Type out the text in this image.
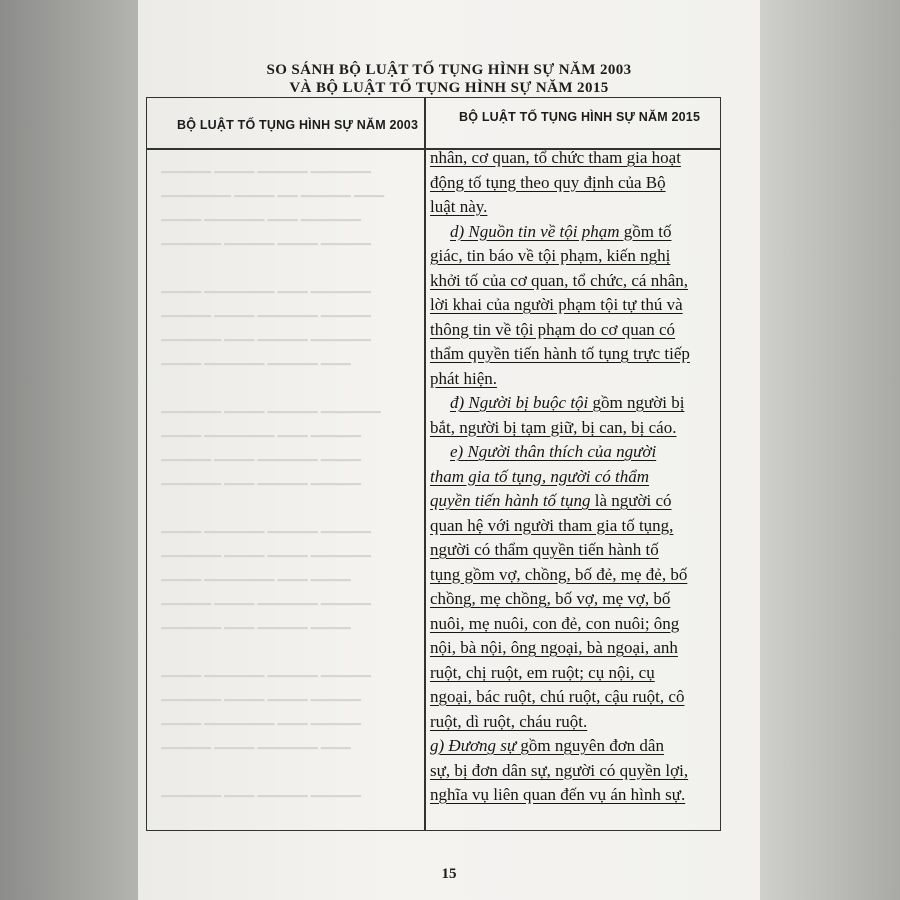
SO SÁNH BỘ LUẬT TỐ TỤNG HÌNH SỰ NĂM 2003
VÀ BỘ LUẬT TỐ TỤNG HÌNH SỰ NĂM 2015
BỘ LUẬT TỐ TỤNG HÌNH SỰ NĂM 2003
BỘ LUẬT TỐ TỤNG HÌNH SỰ NĂM 2015
▁▁▁▁▁ ▁▁▁▁ ▁▁▁▁▁ ▁▁▁▁▁▁
▁▁▁▁▁▁▁ ▁▁▁▁ ▁▁ ▁▁▁▁▁ ▁▁▁
▁▁▁▁ ▁▁▁▁▁▁ ▁▁▁ ▁▁▁▁▁▁
▁▁▁▁▁▁ ▁▁▁▁▁ ▁▁▁▁ ▁▁▁▁▁

▁▁▁▁ ▁▁▁▁▁▁▁ ▁▁▁ ▁▁▁▁▁▁
▁▁▁▁▁ ▁▁▁▁ ▁▁▁▁▁▁ ▁▁▁▁▁
▁▁▁▁▁▁ ▁▁▁ ▁▁▁▁▁ ▁▁▁▁▁▁
▁▁▁▁ ▁▁▁▁▁▁ ▁▁▁▁▁ ▁▁▁

▁▁▁▁▁▁ ▁▁▁▁ ▁▁▁▁▁ ▁▁▁▁▁▁
▁▁▁▁ ▁▁▁▁▁▁▁ ▁▁▁ ▁▁▁▁▁
▁▁▁▁▁ ▁▁▁▁ ▁▁▁▁▁▁ ▁▁▁▁
▁▁▁▁▁▁ ▁▁▁ ▁▁▁▁▁ ▁▁▁▁▁

▁▁▁▁ ▁▁▁▁▁▁ ▁▁▁▁▁ ▁▁▁▁▁
▁▁▁▁▁▁ ▁▁▁▁ ▁▁▁▁ ▁▁▁▁▁▁
▁▁▁▁ ▁▁▁▁▁▁▁ ▁▁▁ ▁▁▁▁
▁▁▁▁▁ ▁▁▁▁ ▁▁▁▁▁▁ ▁▁▁▁▁
▁▁▁▁▁▁ ▁▁▁ ▁▁▁▁▁ ▁▁▁▁

▁▁▁▁ ▁▁▁▁▁▁ ▁▁▁▁▁ ▁▁▁▁▁
▁▁▁▁▁▁ ▁▁▁▁ ▁▁▁▁ ▁▁▁▁▁
▁▁▁▁ ▁▁▁▁▁▁▁ ▁▁▁ ▁▁▁▁▁
▁▁▁▁▁ ▁▁▁▁ ▁▁▁▁▁▁ ▁▁▁

▁▁▁▁▁▁ ▁▁▁ ▁▁▁▁▁ ▁▁▁▁▁

nhân, cơ quan, tổ chức tham gia hoạt
động tố tụng theo quy định của Bộ
luật này.

d) Nguồn tin về tội phạm gồm tố

giác, tin báo về tội phạm, kiến nghị
khởi tố của cơ quan, tổ chức, cá nhân,
lời khai của người phạm tội tự thú và
thông tin về tội phạm do cơ quan có
thẩm quyền tiến hành tố tụng trực tiếp
phát hiện.

đ) Người bị buộc tội gồm người bị

bắt, người bị tạm giữ, bị can, bị cáo.

e) Người thân thích của người

tham gia tố tụng, người có thẩm
quyền tiến hành tố tụng là người có
quan hệ với người tham gia tố tụng,
người có thẩm quyền tiến hành tố
tụng gồm vợ, chồng, bố đẻ, mẹ đẻ, bố
chồng, mẹ chồng, bố vợ, mẹ vợ, bố
nuôi, mẹ nuôi, con đẻ, con nuôi; ông
nội, bà nội, ông ngoại, bà ngoại, anh
ruột, chị ruột, em ruột; cụ nội, cụ
ngoại, bác ruột, chú ruột, cậu ruột, cô
ruột, dì ruột, cháu ruột.

g) Đương sự gồm nguyên đơn dân

sự, bị đơn dân sự, người có quyền lợi,
nghĩa vụ liên quan đến vụ án hình sự.

15
